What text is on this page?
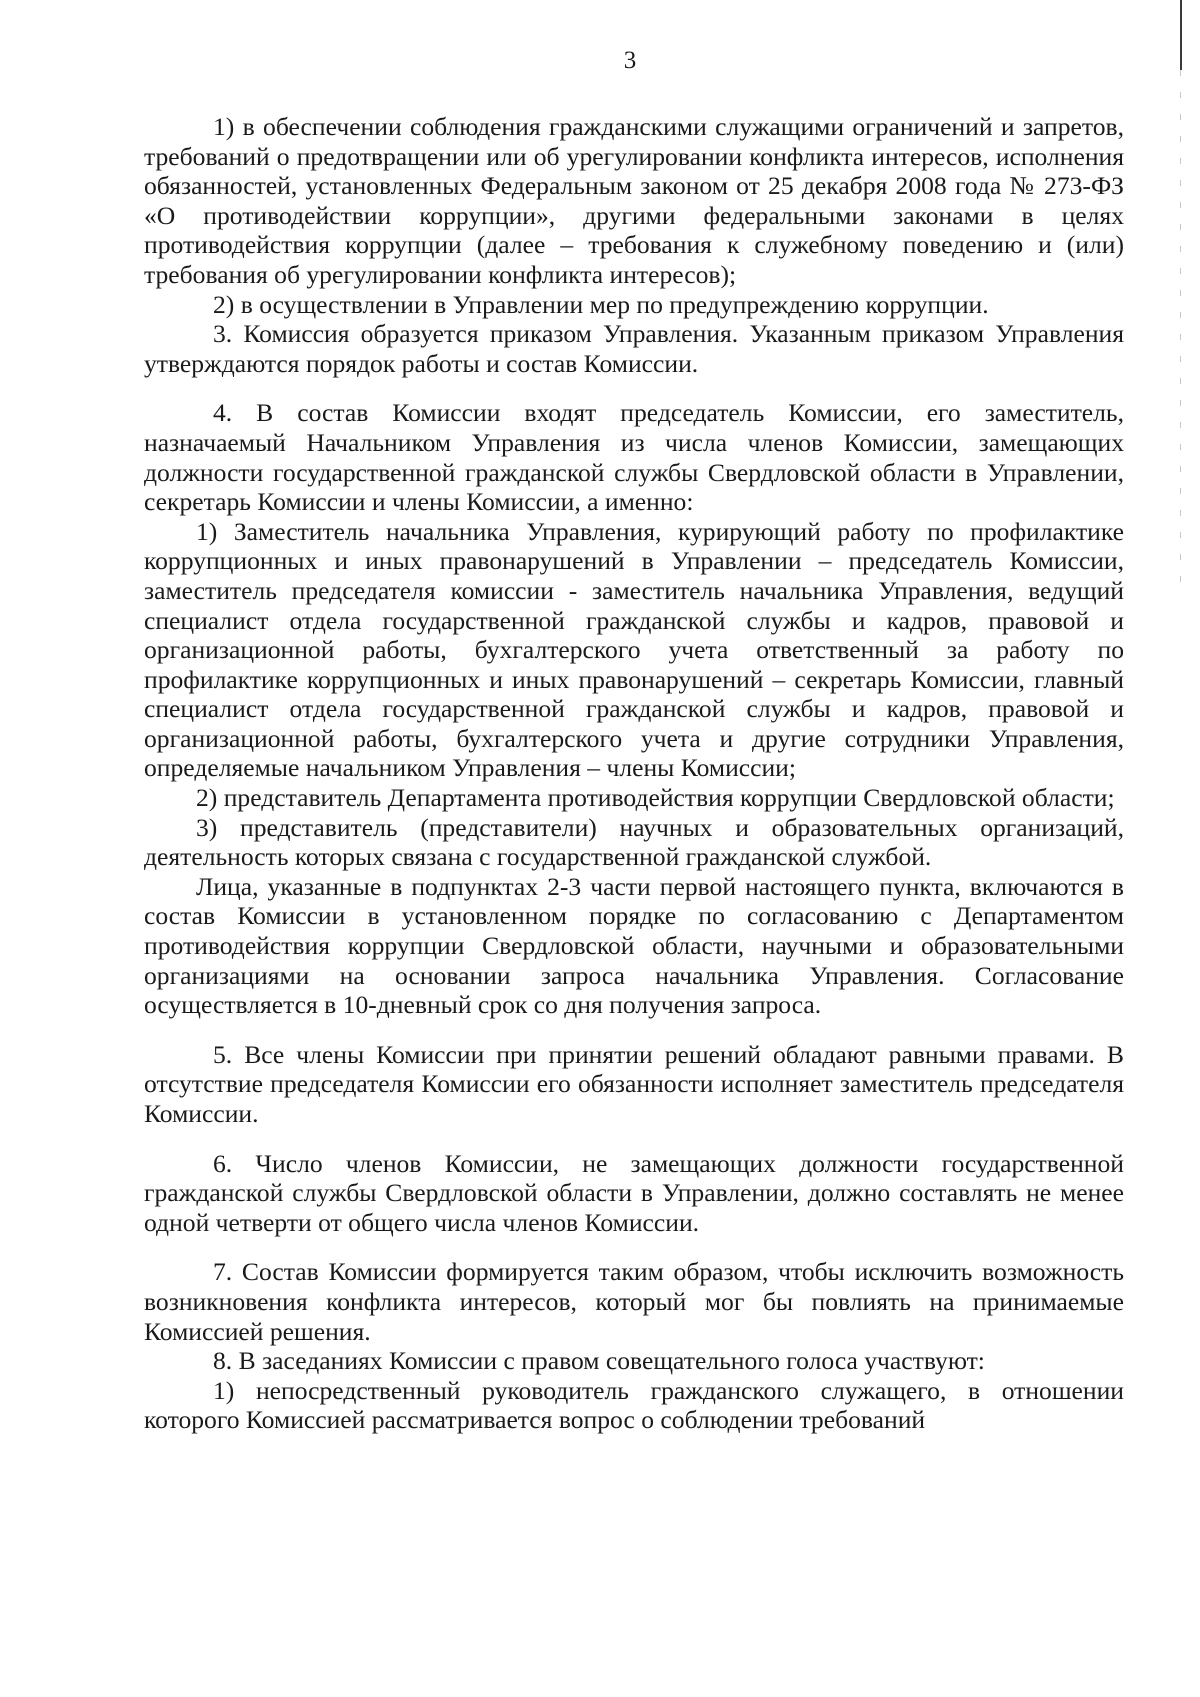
3

1) в обеспечении соблюдения гражданскими служащими ограничений и запретов, требований о предотвращении или об урегулировании конфликта интересов, исполнения обязанностей, установленных Федеральным законом от 25 декабря 2008 года № 273-ФЗ «О противодействии коррупции», другими федеральными законами в целях противодействия коррупции (далее – требования к служебному поведению и (или) требования об урегулировании конфликта интересов);

2) в осуществлении в Управлении мер по предупреждению коррупции.

3. Комиссия образуется приказом Управления. Указанным приказом Управления утверждаются порядок работы и состав Комиссии.

4. В состав Комиссии входят председатель Комиссии, его заместитель, назначаемый Начальником Управления из числа членов Комиссии, замещающих должности государственной гражданской службы Свердловской области в Управлении, секретарь Комиссии и члены Комиссии, а именно:

1) Заместитель начальника Управления, курирующий работу по профилактике коррупционных и иных правонарушений в Управлении – председатель Комиссии, заместитель председателя комиссии - заместитель начальника Управления, ведущий специалист отдела государственной гражданской службы и кадров, правовой и организационной работы, бухгалтерского учета ответственный за работу по профилактике коррупционных и иных правонарушений – секретарь Комиссии, главный специалист отдела государственной гражданской службы и кадров, правовой и организационной работы, бухгалтерского учета и другие сотрудники Управления, определяемые начальником Управления – члены Комиссии;

2) представитель Департамента противодействия коррупции Свердловской области;

3) представитель (представители) научных и образовательных организаций, деятельность которых связана с государственной гражданской службой.

Лица, указанные в подпунктах 2-3 части первой настоящего пункта, включаются в состав Комиссии в установленном порядке по согласованию с Департаментом противодействия коррупции Свердловской области, научными и образовательными организациями на основании запроса начальника Управления. Согласование осуществляется в 10-дневный срок со дня получения запроса.

5. Все члены Комиссии при принятии решений обладают равными правами. В отсутствие председателя Комиссии его обязанности исполняет заместитель председателя Комиссии.

6. Число членов Комиссии, не замещающих должности государственной гражданской службы Свердловской области в Управлении, должно составлять не менее одной четверти от общего числа членов Комиссии.

7. Состав Комиссии формируется таким образом, чтобы исключить возможность возникновения конфликта интересов, который мог бы повлиять на принимаемые Комиссией решения.

8. В заседаниях Комиссии с правом совещательного голоса участвуют:

1) непосредственный руководитель гражданского служащего, в отношении которого Комиссией рассматривается вопрос о соблюдении требований
